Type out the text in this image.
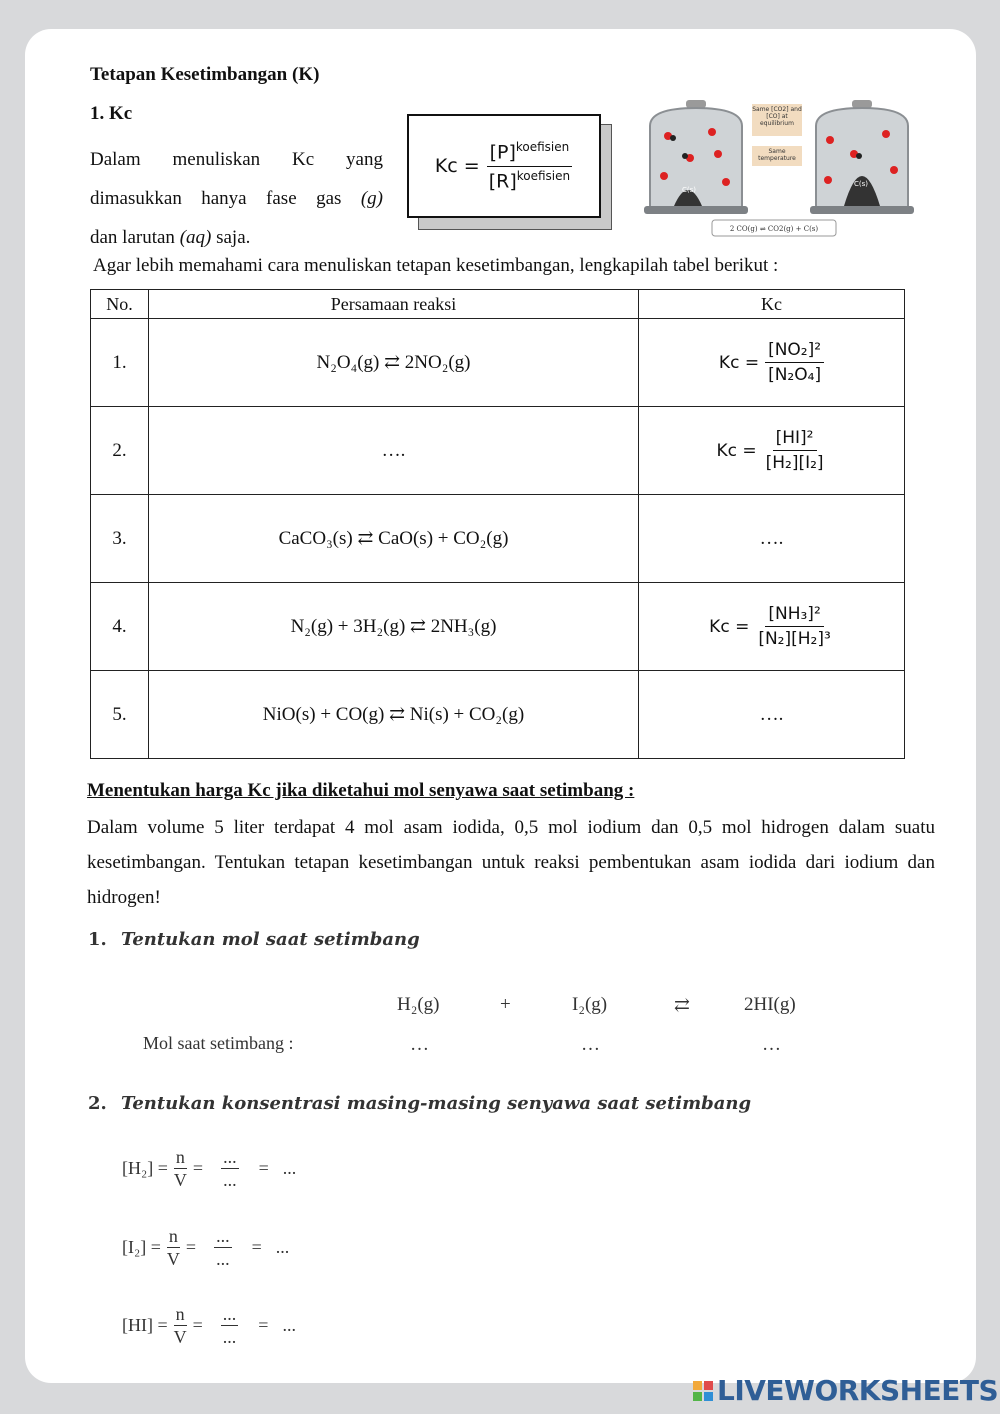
Tetapan Kesetimbangan (K)
1. Kc
Dalam menuliskan Kc yang
dimasukkan hanya fase gas (g)
dan larutan (aq) saja.
$Kc = \frac{[P]^{koefisien}}{[R]^{koefisien}}$	C(s)
C(s)
Same [CO2] and [CO] at equilibrium
Same temperature
2 CO(g) ⇌ CO2(g) + C(s)
Agar lebih memahami cara menuliskan tetapan kesetimbangan, lengkapilah tabel berikut :
No.	Persamaan reaksi	Kc
1.	N₂O₄(g) ⇄ 2NO₂(g)	$Kc = \frac{\text{[NO₂]²}}{\text{[N₂O₄]}}$

2.	….	$Kc = \frac{\text{[HI]²}}{\text{[H₂][I₂]}}$

3.	CaCO₃(s) ⇄ CaO(s) + CO₂(g)	….
4.	N₂(g) + 3H₂(g) ⇄ 2NH₃(g)	$Kc = \frac{\text{[NH₃]²}}{\text{[N₂][H₂]³}}$

5.	NiO(s) + CO(g) ⇄ Ni(s) + CO₂(g)	….
Menentukan harga Kc jika diketahui mol senyawa saat setimbang :
Dalam volume 5 liter terdapat 4 mol asam iodida, 0,5 mol iodium dan 0,5 mol hidrogen dalam suatu kesetimbangan. Tentukan tetapan kesetimbangan untuk reaksi pembentukan asam iodida dari iodium dan hidrogen!
1. Tentukan mol saat setimbang
H₂(g)	+	I₂(g)	⇄	2HI(g)
Mol saat setimbang :	…	…	…
2. Tentukan konsentrasi masing-masing senyawa saat setimbang
$[H_2] = \frac{n}{V}$ =
...
...
= ...
$[I_2] = \frac{n}{V}$ =
...
...
= ...
$[HI] = \frac{n}{V}$ =
...
...
= ...
LIVEWORKSHEETS
